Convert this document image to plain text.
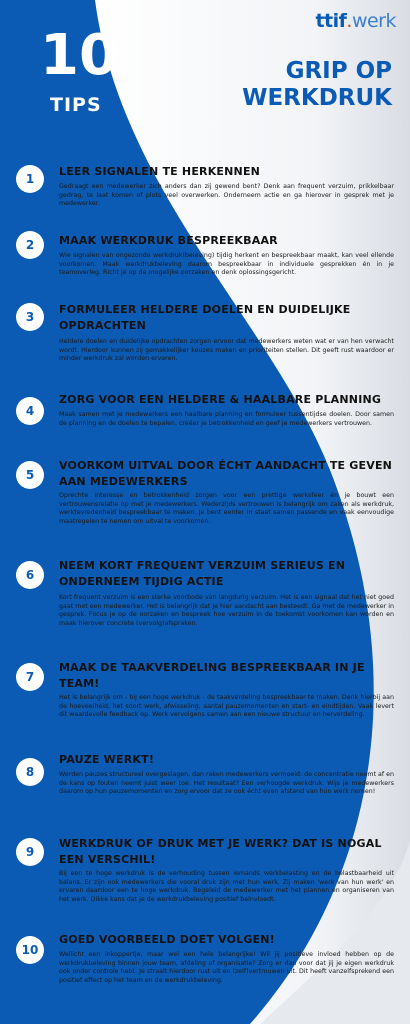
ttif.werk
10
TIPS
GRIP OP WERKDRUK
1
LEER SIGNALEN TE HERKENNEN
Gedraagt een medewerker zich anders dan zij gewend bent? Denk aan frequent verzuim, prikkelbaar gedrag, te laat komen of plots veel overwerken. Onderneem actie en ga hierover in gesprek met je medewerker.
2	MAAK WERKDRUK BESPREEKBAAR
Wie signalen van ongezonde werkdruk(beleving) tijdig herkent en bespreekbaar maakt, kan veel ellende voorkomen. Maak werkdrukbeleving daarom bespreekbaar in individuele gesprekken én in je teamoverleg. Richt je op de mogelijke oorzaken en denk oplossingsgericht.
3
FORMULEER HELDERE DOELEN EN DUIDELIJKE OPDRACHTEN
Heldere doelen en duidelijke opdrachten zorgen ervoor dat medewerkers weten wat er van hen verwacht wordt. Hierdoor kunnen zij gemakkelijker keuzes maken en prioriteiten stellen. Dit geeft rust waardoor er minder werkdruk zal worden ervaren.
4
ZORG VOOR EEN HELDERE & HAALBARE PLANNING
Maak samen met je medewerkers een haalbare planning en formuleer tussentijdse doelen. Door samen de planning en de doelen te bepalen, creëer je betrokkenheid en geef je medewerkers vertrouwen.
5
VOORKOM UITVAL DOOR ÉCHT AANDACHT TE GEVEN AAN MEDEWERKERS
Oprechte interesse en betrokkenheid zorgen voor een prettige werksfeer én je bouwt een vertrouwensrelatie op met je medewerkers. Wederzijds vertrouwen is belangrijk om zaken als werkdruk, werktevredenheid bespreekbaar te maken. Je bent eerder in staat samen passende en vaak eenvoudige maatregelen te nemen om uitval te voorkomen.
6
NEEM KORT FREQUENT VERZUIM SERIEUS EN ONDERNEEM TIJDIG ACTIE
Kort frequent verzuim is een sterke voorbode van langdurig verzuim. Het is een signaal dat het niet goed gaat met een medewerker. Het is belangrijk dat je hier aandacht aan besteedt. Ga met de medewerker in gesprek. Focus je op de oorzaken en bespreek hoe verzuim in de toekomst voorkomen kan worden en maak hierover concrete (vervolg)afspraken.
7
MAAK DE TAAKVERDELING BESPREEKBAAR IN JE TEAM!
Het is belangrijk om - bij een hoge werkdruk - de taakverdeling bespreekbaar te maken. Denk hierbij aan de hoeveelheid, het soort werk, afwisseling, aantal pauzemomenten en start- en eindtijden. Vaak levert dit waardevolle feedback op. Werk vervolgens samen aan een nieuwe structuur en herverdeling.
8
PAUZE WERKT!
Worden pauzes structureel overgeslagen, dan raken medewerkers vermoeid: de concentratie neemt af en de kans op fouten neemt juist weer toe. Het resultaat? Een verhoogde werkdruk. Wijs je medewerkers daarom op hun pauzemomenten en zorg ervoor dat ze ook écht even afstand van hun werk nemen!
9
WERKDRUK OF DRUK MET JE WERK? DAT IS NOGAL EEN VERSCHIL!
Bij een te hoge werkdruk is de verhouding tussen iemands werkbelasting en de belastbaarheid uit balans. Er zijn ook medewerkers die vooral druk zijn met hun werk. Zij maken 'werk van hun werk' en ervaren daardoor een te hoge werkdruk. Begeleid de medewerker met het plannen en organiseren van het werk. Dikke kans dat je de werkdrukbeleving positief beïnvloedt.
10
GOED VOORBEELD DOET VOLGEN!
Wellicht een inkoppertje, maar wel een hele belangrijke! Wil jij positieve invloed hebben op de werkdrukbeleving binnen jouw team, afdeling of organisatie? Zorg er dan voor dat jij je eigen werkdruk ook onder controle hebt. Je straalt hierdoor rust uit en (zelf)vertrouwen uit. Dit heeft vanzelfsprekend een positief effect op het team en de werkdrukbeleving.
